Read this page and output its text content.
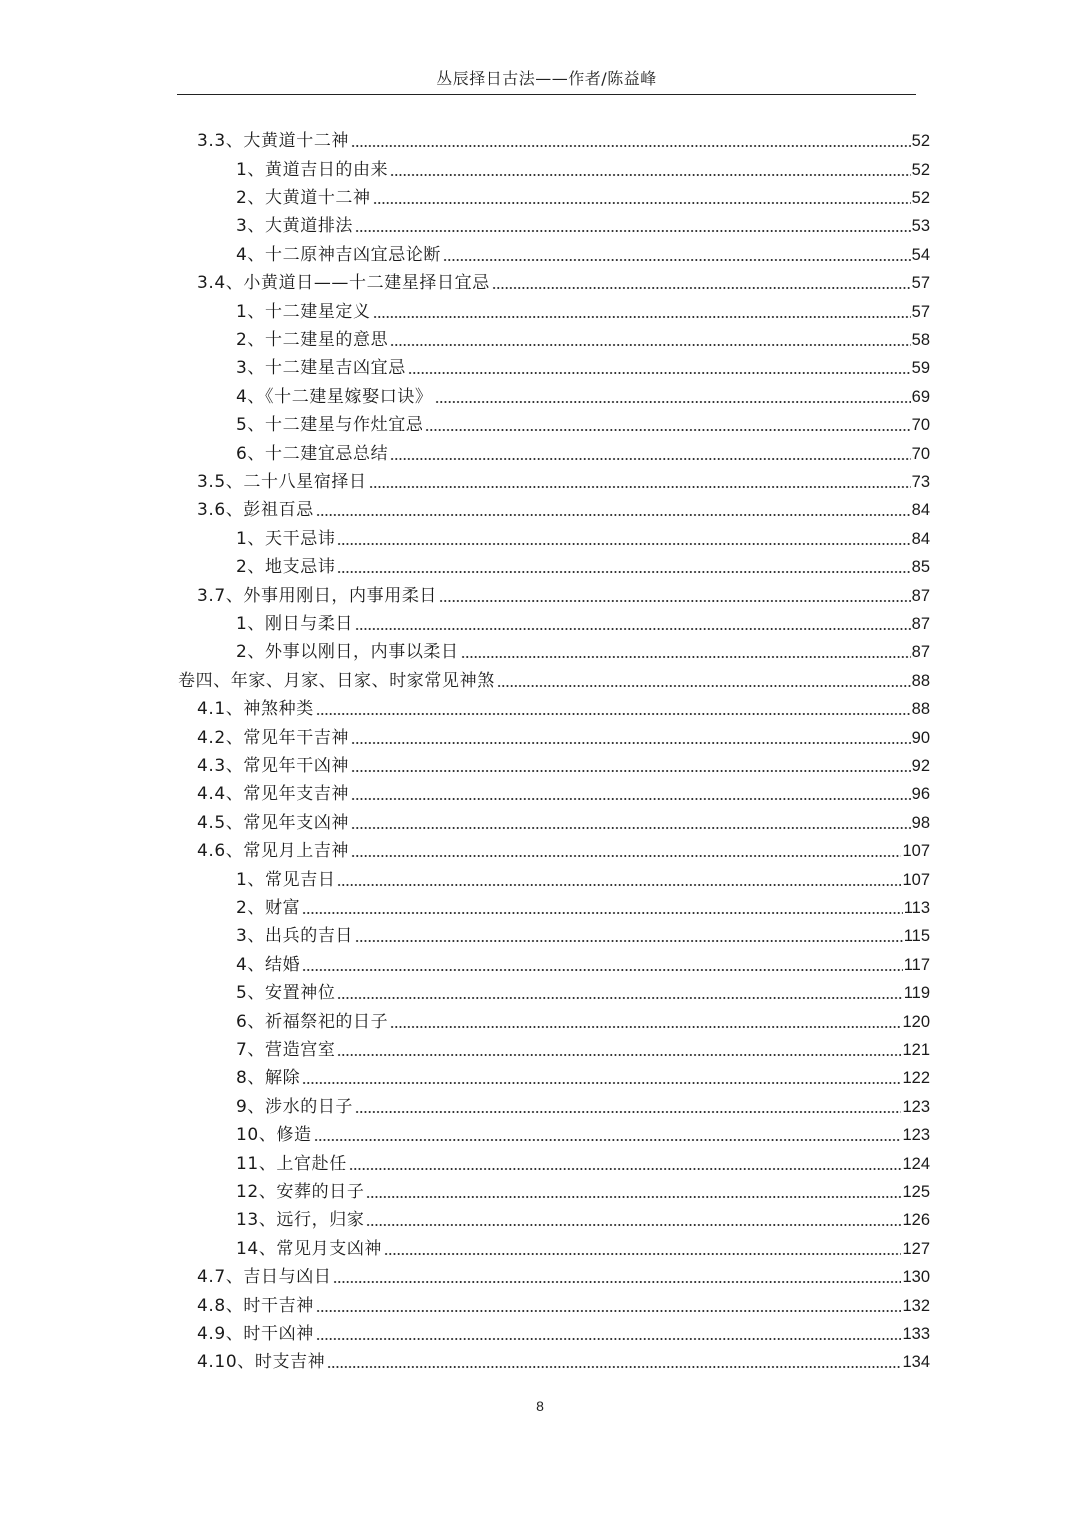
丛辰择日古法——作者/陈益峰
3.3、大黄道十二神	52
1、黄道吉日的由来	52
2、大黄道十二神	52
3、大黄道排法	53
4、十二原神吉凶宜忌论断	54
3.4、小黄道日——十二建星择日宜忌	57
1、十二建星定义	57
2、十二建星的意思	58
3、十二建星吉凶宜忌	59
4、《十二建星嫁娶口诀》	69
5、十二建星与作灶宜忌	70
6、十二建宜忌总结	70
3.5、二十八星宿择日	73
3.6、彭祖百忌	84
1、天干忌讳	84
2、地支忌讳	85
3.7、外事用刚日，内事用柔日	87
1、刚日与柔日	87
2、外事以刚日，内事以柔日	87
卷四、年家、月家、日家、时家常见神煞	88
4.1、神煞种类	88
4.2、常见年干吉神	90
4.3、常见年干凶神	92
4.4、常见年支吉神	96
4.5、常见年支凶神	98
4.6、常见月上吉神	107
1、常见吉日	107
2、财富	113
3、出兵的吉日	115
4、结婚	117
5、安置神位	119
6、祈福祭祀的日子	120
7、营造宫室	121
8、解除	122
9、涉水的日子	123
10、修造	123
11、上官赴任	124
12、安葬的日子	125
13、远行，归家	126
14、常见月支凶神	127
4.7、吉日与凶日	130
4.8、时干吉神	132
4.9、时干凶神	133
4.10、时支吉神	134
8
